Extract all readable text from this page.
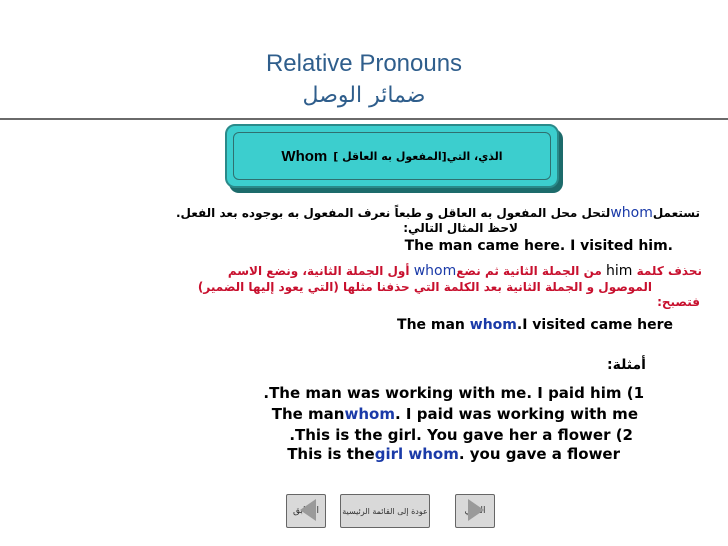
Relative Pronouns
ضمائر الوصل
الذي، التي[المفعول به العاقل ]
Whom
تستعملwhomلتحل محل المفعول به العاقل و طبعاً نعرف المفعول به بوجوده بعد الفعل.
لاحظ المثال التالي:
The man came here. I visited him.
نحذف كلمة him من الجملة الثانية ثم نضعwhom أول الجملة الثانية، ونضع الاسم
الموصول و الجملة الثانية بعد الكلمة التي حذفنا مثلها (التي يعود إليها الضمير)
فتصبح:
The man whom.I visited came here
أمثلة:
.The man was working with me. I paid him (1
The manwhom. I paid was working with me
.This is the girl. You gave her a flower (2
This is thegirl whom. you gave a flower
السابق	عودة إلى القائمة الرئيسية	التالي
